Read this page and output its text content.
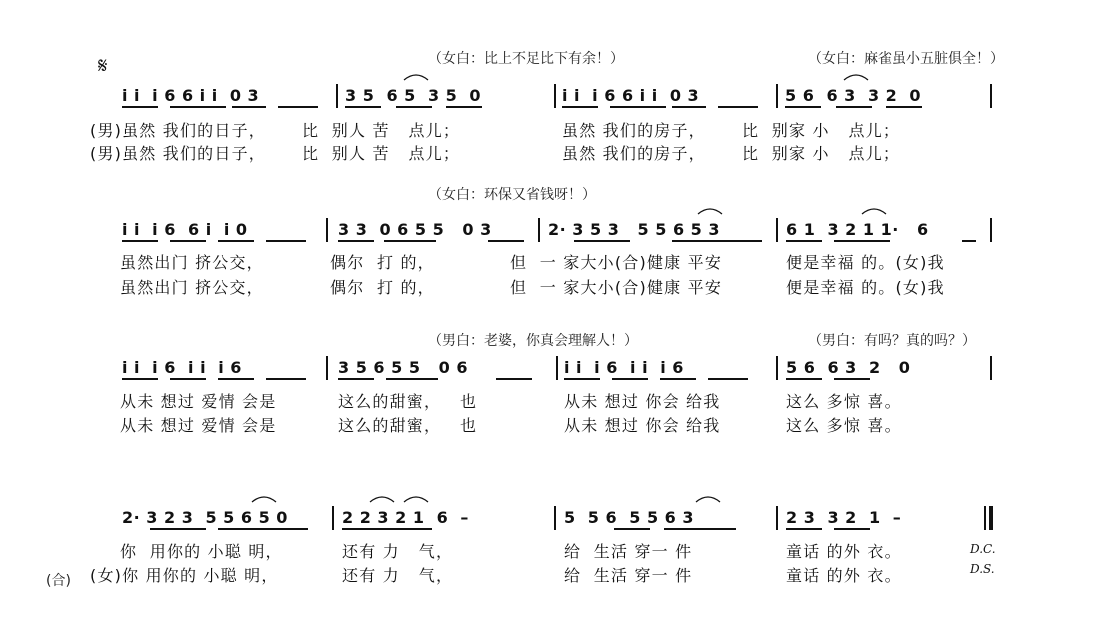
𝄋	（女白：比上不足比下有余！）	（女白：麻雀虽小五脏俱全！）
i i  i 6 6 i i  0 3	3 5  6 5  3 5  0	i i  i 6 6 i i  0 3	5 6  6 3  3 2  0
(男)虽然 我们的日子， 比  别人 苦   点儿；	虽然 我们的房子， 比  别家 小   点儿；
(男)虽然 我们的日子， 比  别人 苦   点儿；	虽然 我们的房子， 比  别家 小   点儿；
（女白：环保又省钱呀！）
i i  i 6  6 i  i 0	3 3  0 6 5 5   0 3	2· 3 5 3   5 5 6 5 3	6 1  3 2 1 1·   6
虽然出门 挤公交，	偶尔  打 的，	但  一 家大小(合)健康 平安	便是幸福 的。(女)我
虽然出门 挤公交，	偶尔  打 的，	但  一 家大小(合)健康 平安	便是幸福 的。(女)我
（男白：老婆，你真会理解人！）	（男白：有吗？真的吗？）
i i  i 6  i i  i 6	3 5 6 5 5   0 6	i i  i 6  i i  i 6	5 6  6 3  2   0
从未 想过 爱情 会是	这么的甜蜜，   也	从未 想过 你会 给我	这么 多惊 喜。
从未 想过 爱情 会是	这么的甜蜜，   也	从未 想过 你会 给我	这么 多惊 喜。
2· 3 2 3  5 5 6 5 0	2 2 3 2 1  6  –	5  5 6  5 5 6 3	2 3  3 2  1  –
你  用你的 小聪 明，	还有 力   气，	给  生活 穿一 件	童话 的外 衣。
(女)你 用你的 小聪 明，	还有 力   气，	给  生活 穿一 件	童话 的外 衣。
D.C.
D.S.
(合)
